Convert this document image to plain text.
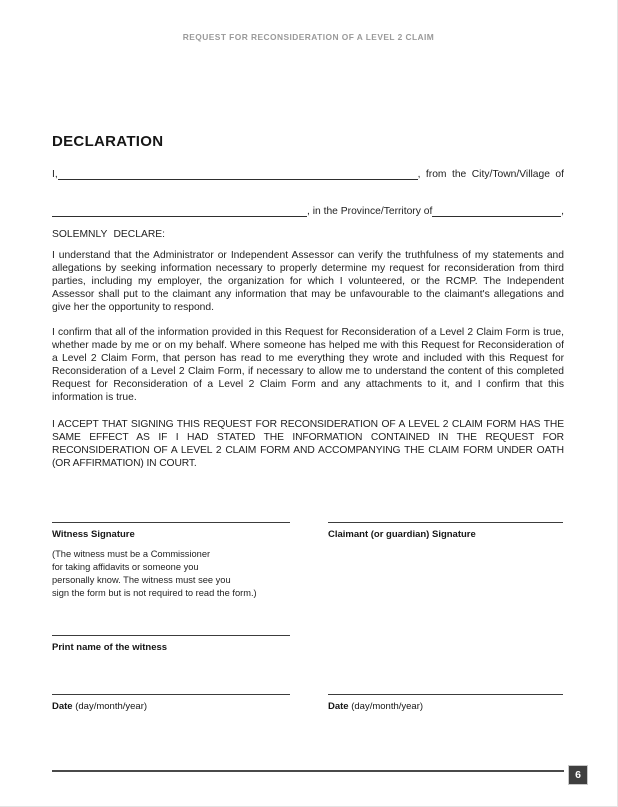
REQUEST FOR RECONSIDERATION OF A LEVEL 2 CLAIM
DECLARATION
I,	, from the City/Town/Village of
, in the Province/Territory of	,
SOLEMNLY DECLARE:

I understand that the Administrator or Independent Assessor can verify the truthfulness of my statements and allegations by seeking information necessary to properly determine my request for reconsideration from third parties, including my employer, the organization for which I volunteered, or the RCMP. The Independent Assessor shall put to the claimant any information that may be unfavourable to the claimant's allegations and give her the opportunity to respond.

I confirm that all of the information provided in this Request for Reconsideration of a Level 2 Claim Form is true, whether made by me or on my behalf. Where someone has helped me with this Request for Reconsideration of a Level 2 Claim Form, that person has read to me everything they wrote and included with this Request for Reconsideration of a Level 2 Claim Form, if necessary to allow me to understand the content of this completed Request for Reconsideration of a Level 2 Claim Form and any attachments to it, and I confirm that this information is true.

I ACCEPT THAT SIGNING THIS REQUEST FOR RECONSIDERATION OF A LEVEL 2 CLAIM FORM HAS THE SAME EFFECT AS IF I HAD STATED THE INFORMATION CONTAINED IN THE REQUEST FOR RECONSIDERATION OF A LEVEL 2 CLAIM FORM AND ACCOMPANYING THE CLAIM FORM UNDER OATH (OR AFFIRMATION) IN COURT.

Witness Signature
(The witness must be a Commissioner
for taking affidavits or someone you
personally know. The witness must see you
sign the form but is not required to read the form.)
Claimant (or guardian) Signature
Print name of the witness
Date (day/month/year)	Date (day/month/year)
6
